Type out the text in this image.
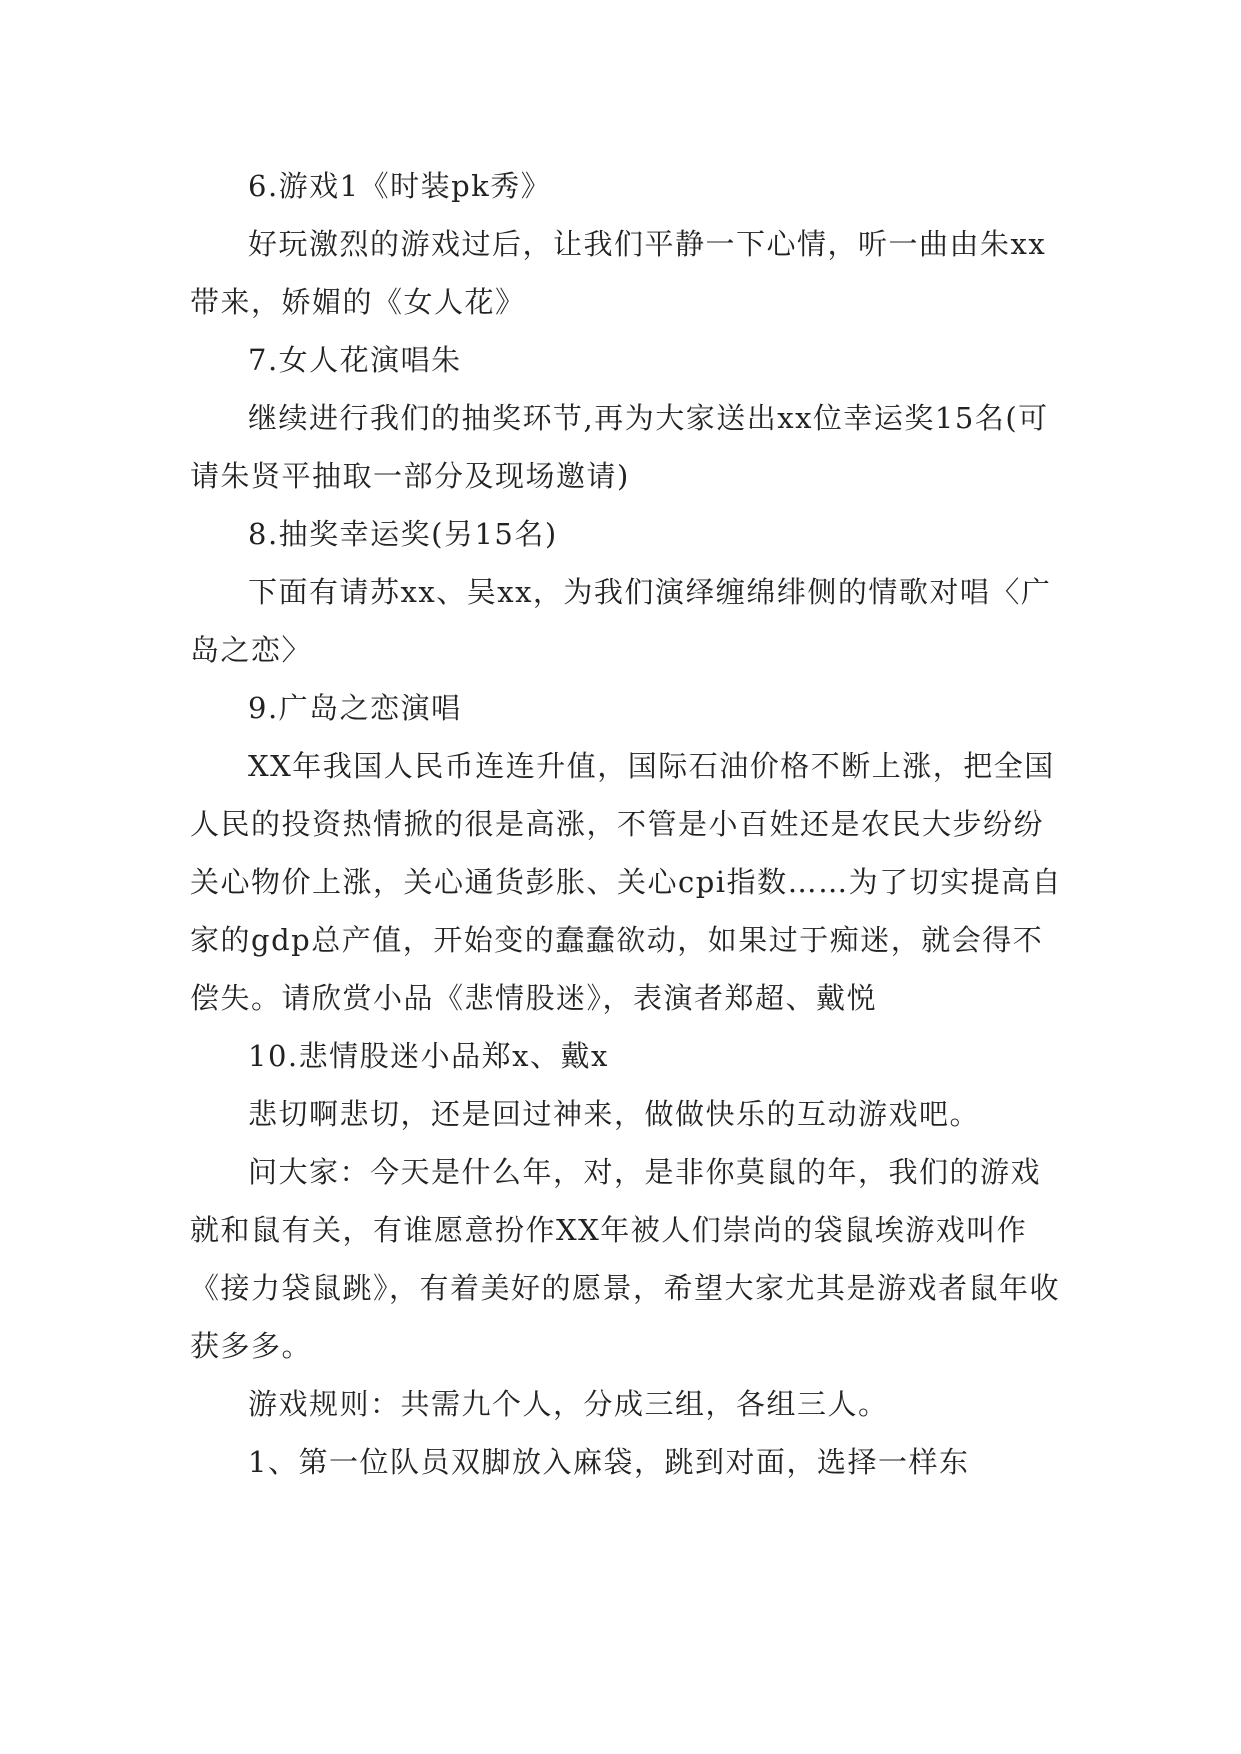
6.游戏1《时装pk秀》

好玩激烈的游戏过后，让我们平静一下心情，听一曲由朱xx带来，娇媚的《女人花》

7.女人花演唱朱

继续进行我们的抽奖环节,再为大家送出xx位幸运奖15名(可请朱贤平抽取一部分及现场邀请)

8.抽奖幸运奖(另15名)

下面有请苏xx、吴xx，为我们演绎缠绵绯侧的情歌对唱〈广岛之恋〉

9.广岛之恋演唱

XX年我国人民币连连升值，国际石油价格不断上涨，把全国人民的投资热情掀的很是高涨，不管是小百姓还是农民大步纷纷关心物价上涨，关心通货彭胀、关心cpi指数……为了切实提高自家的gdp总产值，开始变的蠢蠢欲动，如果过于痴迷，就会得不偿失。请欣赏小品《悲情股迷》，表演者郑超、戴悦

10.悲情股迷小品郑x、戴x

悲切啊悲切，还是回过神来，做做快乐的互动游戏吧。

问大家：今天是什么年，对，是非你莫鼠的年，我们的游戏就和鼠有关，有谁愿意扮作XX年被人们崇尚的袋鼠埃游戏叫作《接力袋鼠跳》，有着美好的愿景，希望大家尤其是游戏者鼠年收获多多。

游戏规则：共需九个人，分成三组，各组三人。

1、第一位队员双脚放入麻袋，跳到对面，选择一样东
